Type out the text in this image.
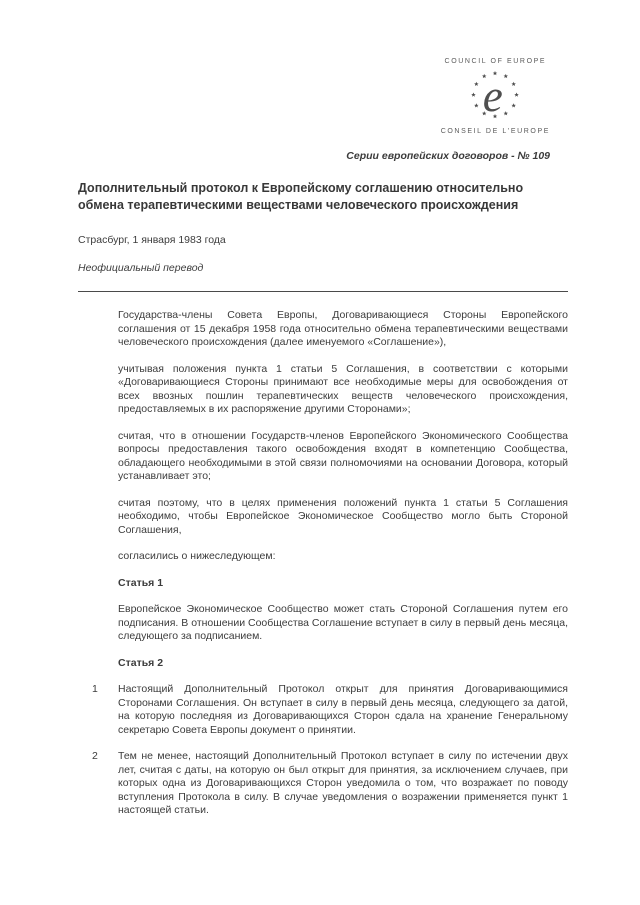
COUNCIL OF EUROPE
e
CONSEIL DE L'EUROPE
Серии европейских договоров - № 109
Дополнительный протокол к Европейскому соглашению относительно обмена терапевтическими веществами человеческого происхождения
Страсбург, 1 января 1983 года
Неофициальный перевод

Государства-члены Совета Европы, Договаривающиеся Стороны Европейского соглашения от 15 декабря 1958 года относительно обмена терапевтическими веществами человеческого происхождения (далее именуемого «Соглашение»),

учитывая положения пункта 1 статьи 5 Соглашения, в соответствии с которыми «Договаривающиеся Стороны принимают все необходимые меры для освобождения от всех ввозных пошлин терапевтических веществ человеческого происхождения, предоставляемых в их распоряжение другими Сторонами»;

считая, что в отношении Государств-членов Европейского Экономического Сообщества вопросы предоставления такого освобождения входят в компетенцию Сообщества, обладающего необходимыми в этой связи полномочиями на основании Договора, который устанавливает это;

считая поэтому, что в целях применения положений пункта 1 статьи 5 Соглашения необходимо, чтобы Европейское Экономическое Сообщество могло быть Стороной Соглашения,

согласились о нижеследующем:

Статья 1

Европейское Экономическое Сообщество может стать Стороной Соглашения путем его подписания. В отношении Сообщества Соглашение вступает в силу в первый день месяца, следующего за подписанием.

Статья 2
1	Настоящий Дополнительный Протокол открыт для принятия Договаривающимися Сторонами Соглашения. Он вступает в силу в первый день месяца, следующего за датой, на которую последняя из Договаривающихся Сторон сдала на хранение Генеральному секретарю Совета Европы документ о принятии.

2	Тем не менее, настоящий Дополнительный Протокол вступает в силу по истечении двух лет, считая с даты, на которую он был открыт для принятия, за исключением случаев, при которых одна из Договаривающихся Сторон уведомила о том, что возражает по поводу вступления Протокола в силу. В случае уведомления о возражении применяется пункт 1 настоящей статьи.
